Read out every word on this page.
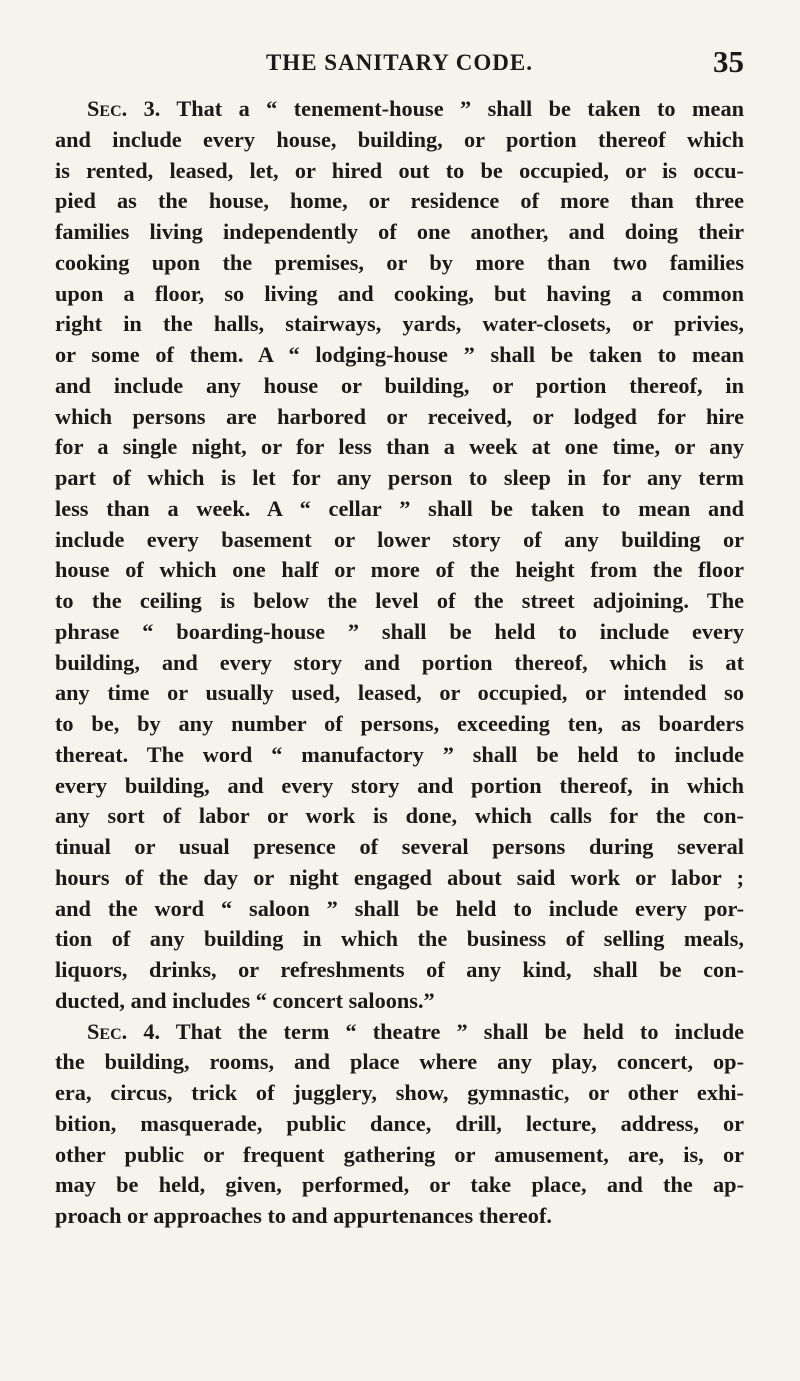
THE SANITARY CODE.	35

Sec. 3. That a “ tenement-house ” shall be taken to mean
and include every house, building, or portion thereof which
is rented, leased, let, or hired out to be occupied, or is occu-
pied as the house, home, or residence of more than three
families living independently of one another, and doing their
cooking upon the premises, or by more than two families
upon a floor, so living and cooking, but having a common
right in the halls, stairways, yards, water-closets, or privies,
or some of them. A “ lodging-house ” shall be taken to mean
and include any house or building, or portion thereof, in
which persons are harbored or received, or lodged for hire
for a single night, or for less than a week at one time, or any
part of which is let for any person to sleep in for any term
less than a week. A “ cellar ” shall be taken to mean and
include every basement or lower story of any building or
house of which one half or more of the height from the floor
to the ceiling is below the level of the street adjoining. The
phrase “ boarding-house ” shall be held to include every
building, and every story and portion thereof, which is at
any time or usually used, leased, or occupied, or intended so
to be, by any number of persons, exceeding ten, as boarders
thereat. The word “ manufactory ” shall be held to include
every building, and every story and portion thereof, in which
any sort of labor or work is done, which calls for the con-
tinual or usual presence of several persons during several
hours of the day or night engaged about said work or labor ;
and the word “ saloon ” shall be held to include every por-
tion of any building in which the business of selling meals,
liquors, drinks, or refreshments of any kind, shall be con-
ducted, and includes “ concert saloons.”

Sec. 4. That the term “ theatre ” shall be held to include
the building, rooms, and place where any play, concert, op-
era, circus, trick of jugglery, show, gymnastic, or other exhi-
bition, masquerade, public dance, drill, lecture, address, or
other public or frequent gathering or amusement, are, is, or
may be held, given, performed, or take place, and the ap-
proach or approaches to and appurtenances thereof.
